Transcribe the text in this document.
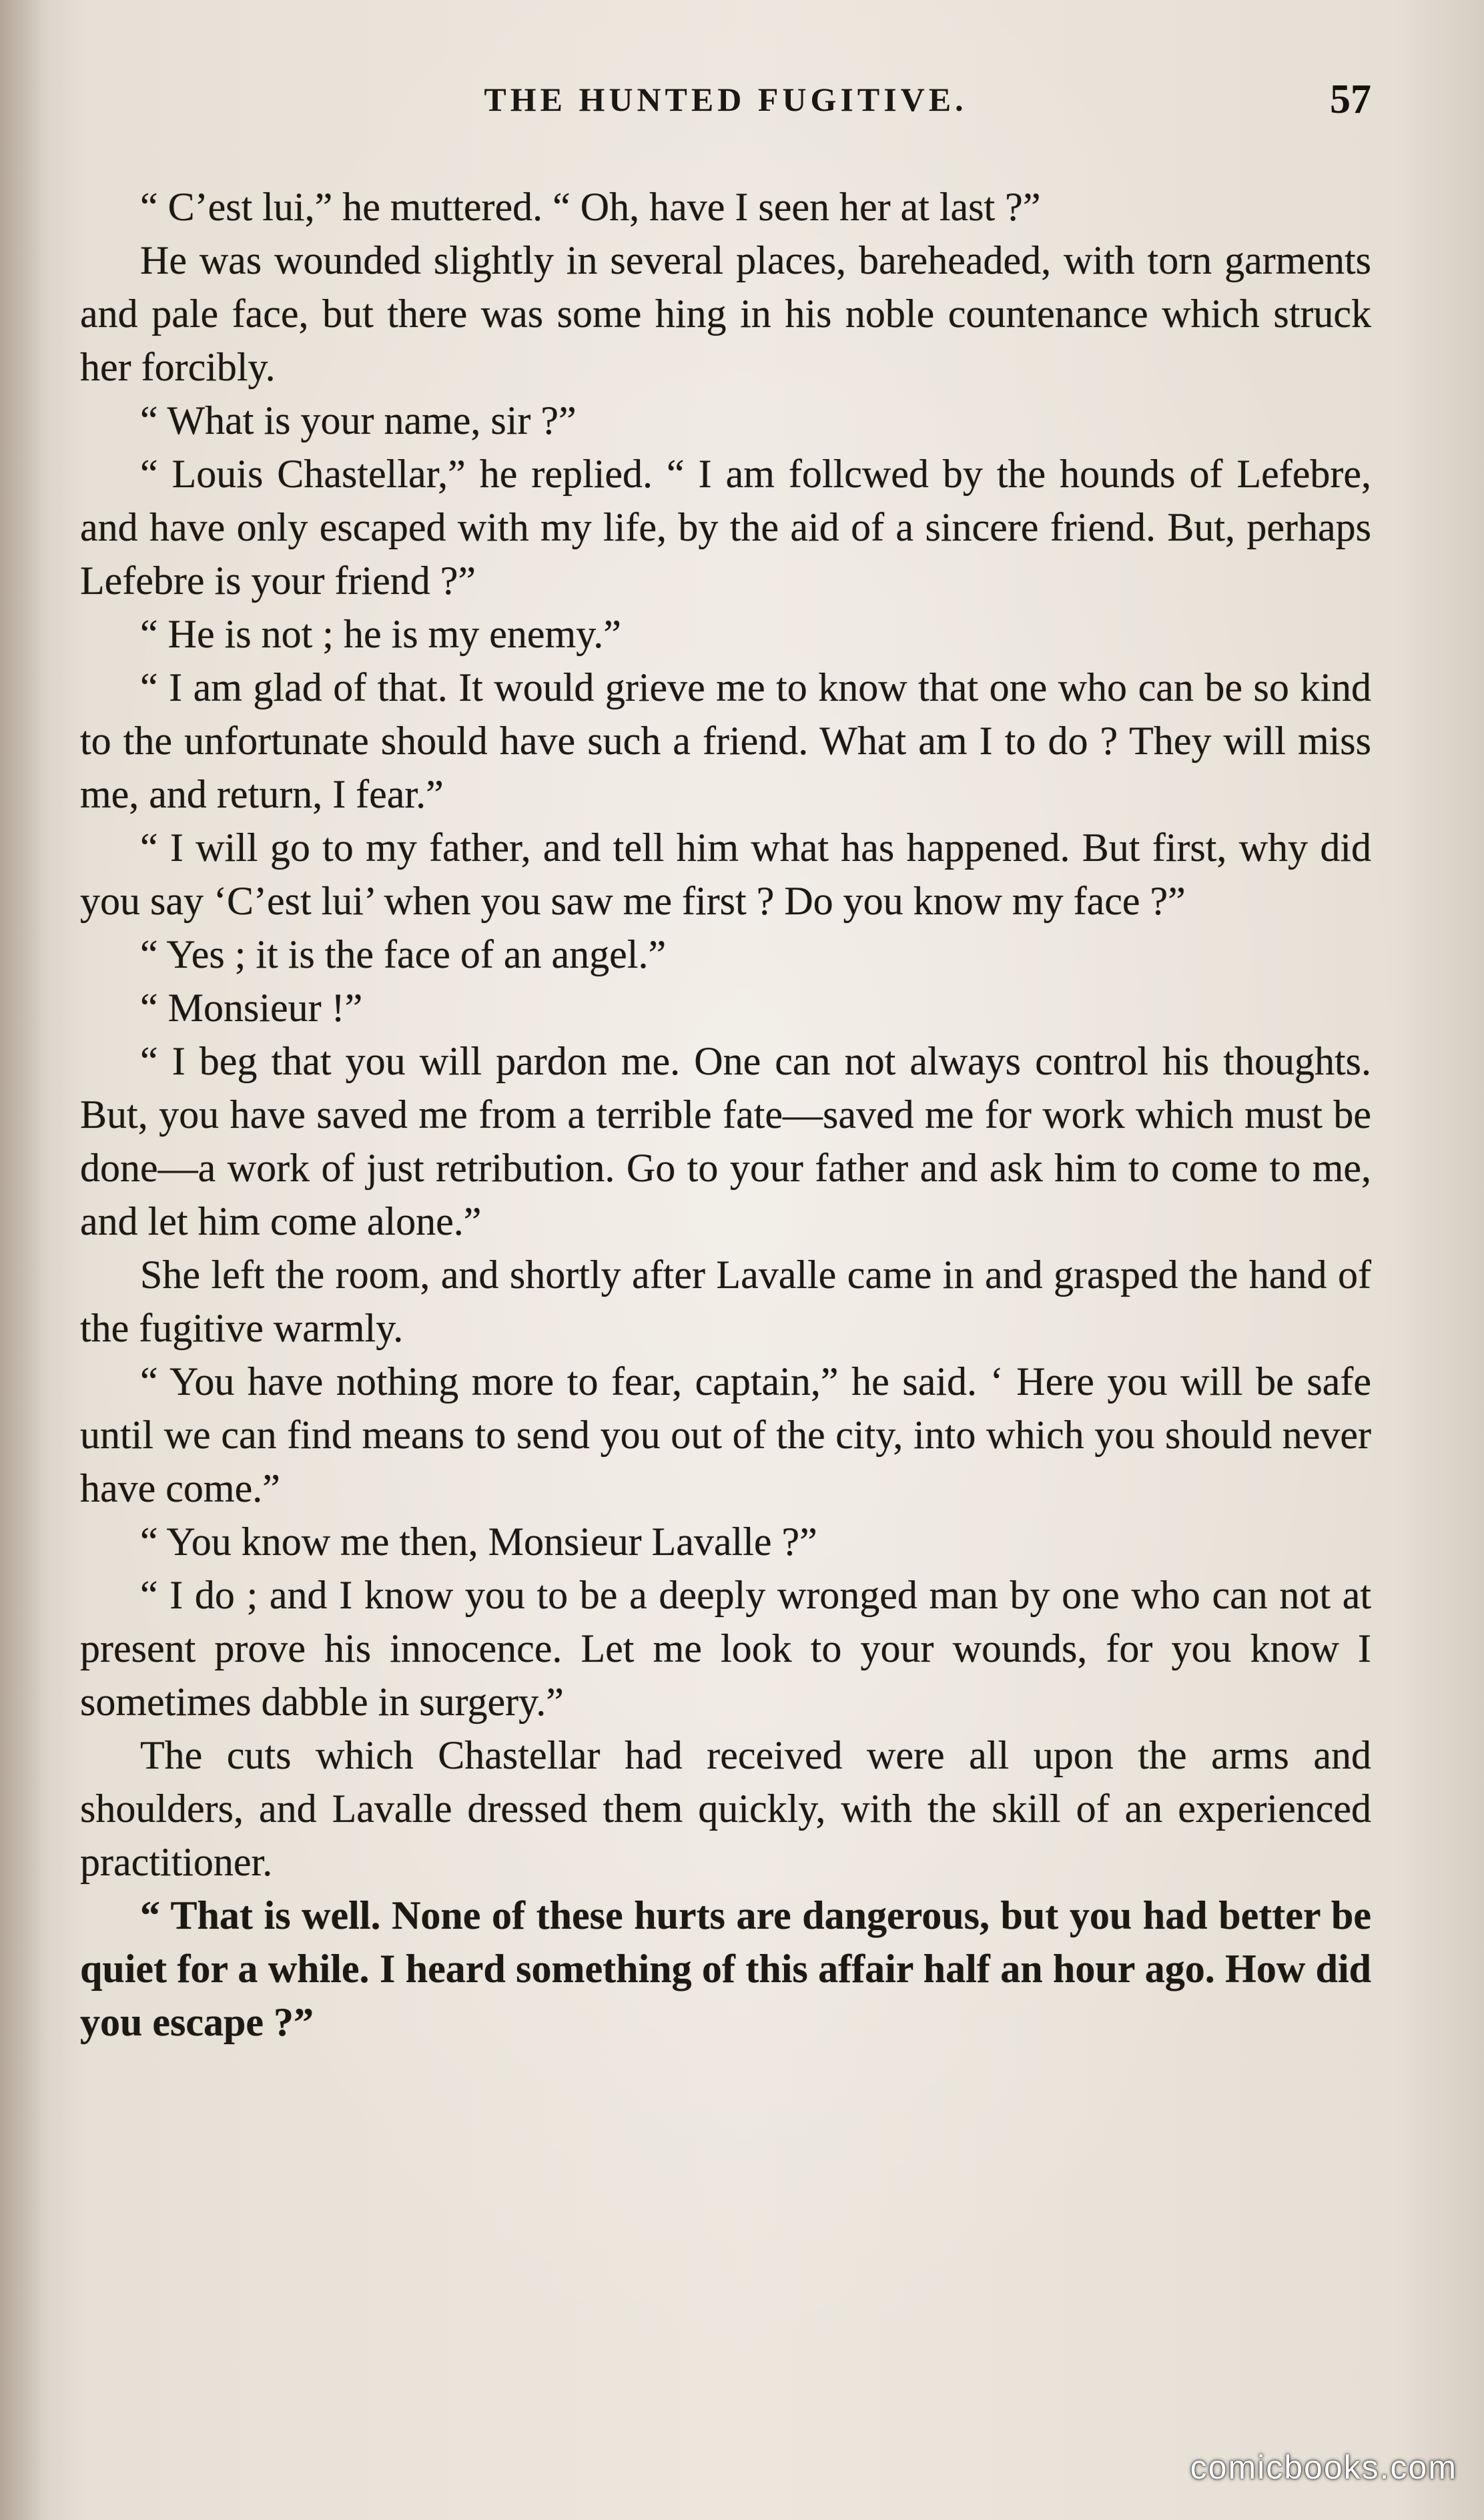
THE HUNTED FUGITIVE.	57

“ C’est lui,” he muttered. “ Oh, have I seen her at last ?”

He was wounded slightly in several places, bareheaded, with torn garments and pale face, but there was some hing in his noble countenance which struck her forcibly.

“ What is your name, sir ?”

“ Louis Chastellar,” he replied. “ I am follcwed by the hounds of Lefebre, and have only escaped with my life, by the aid of a sincere friend. But, perhaps Lefebre is your friend ?”

“ He is not ; he is my enemy.”

“ I am glad of that. It would grieve me to know that one who can be so kind to the unfortunate should have such a friend. What am I to do ? They will miss me, and return, I fear.”

“ I will go to my father, and tell him what has happened. But first, why did you say ‘C’est lui’ when you saw me first ? Do you know my face ?”

“ Yes ; it is the face of an angel.”

“ Monsieur !”

“ I beg that you will pardon me. One can not always control his thoughts. But, you have saved me from a terrible fate—saved me for work which must be done—a work of just retribution. Go to your father and ask him to come to me, and let him come alone.”

She left the room, and shortly after Lavalle came in and grasped the hand of the fugitive warmly.

“ You have nothing more to fear, captain,” he said. ‘ Here you will be safe until we can find means to send you out of the city, into which you should never have come.”

“ You know me then, Monsieur Lavalle ?”

“ I do ; and I know you to be a deeply wronged man by one who can not at present prove his innocence. Let me look to your wounds, for you know I sometimes dabble in surgery.”

The cuts which Chastellar had received were all upon the arms and shoulders, and Lavalle dressed them quickly, with the skill of an experienced practitioner.

“ That is well. None of these hurts are dangerous, but you had better be quiet for a while. I heard something of this affair half an hour ago. How did you escape ?”

comicbooks.com
